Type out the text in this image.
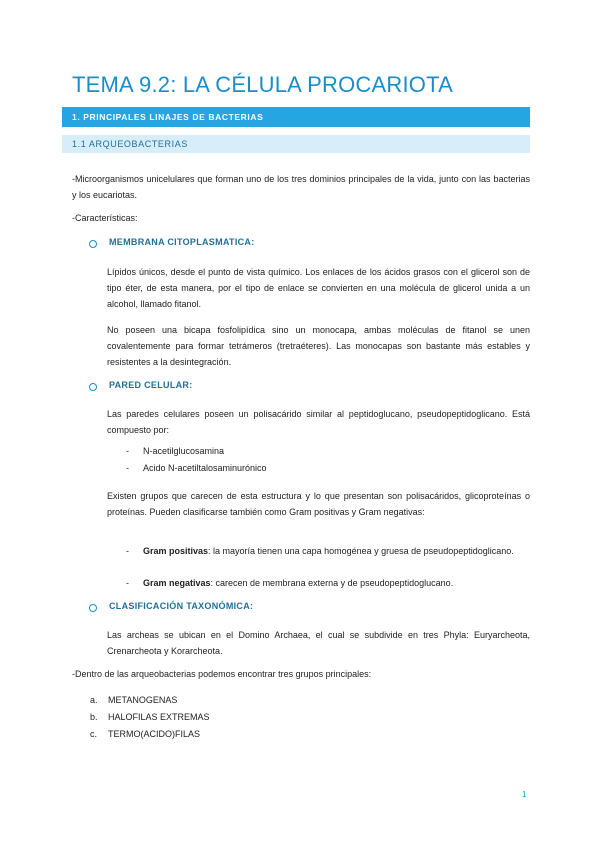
TEMA 9.2: LA CÉLULA PROCARIOTA
1. PRINCIPALES LINAJES DE BACTERIAS
1.1 ARQUEOBACTERIAS
-Microorganismos unicelulares que forman uno de los tres dominios principales de la vida, junto con las bacterias y los eucariotas.
-Características:
MEMBRANA CITOPLASMATICA:
Lípidos únicos, desde el punto de vista químico. Los enlaces de los ácidos grasos con el glicerol son de tipo éter, de esta manera, por el tipo de enlace se convierten en una molécula de glicerol unida a un alcohol, llamado fitanol.
No poseen una bicapa fosfolipídica sino un monocapa, ambas moléculas de fitanol se unen covalentemente para formar tetrámeros (tretraéteres). Las monocapas son bastante más estables y resistentes a la desintegración.
PARED CELULAR:
Las paredes celulares poseen un polisacárido similar al peptidoglucano, pseudopeptidoglicano. Está compuesto por:
- N-acetilglucosamina
- Acido N-acetiltalosaminurónico
Existen grupos que carecen de esta estructura y lo que presentan son polisacáridos, glicoproteínas o proteínas. Pueden clasificarse también como Gram positivas y Gram negativas:
- Gram positivas: la mayoría tienen una capa homogénea y gruesa de pseudopeptidoglicano.
- Gram negativas: carecen de membrana externa y de pseudopeptidoglucano.
CLASIFICACIÓN TAXONÓMICA:
Las archeas se ubican en el Domino Archaea, el cual se subdivide en tres Phyla: Euryarcheota, Crenarcheota y Korarcheota.
-Dentro de las arqueobacterias podemos encontrar tres grupos principales:
a. METANOGENAS
b. HALOFILAS EXTREMAS
c. TERMO(ACIDO)FILAS
1
